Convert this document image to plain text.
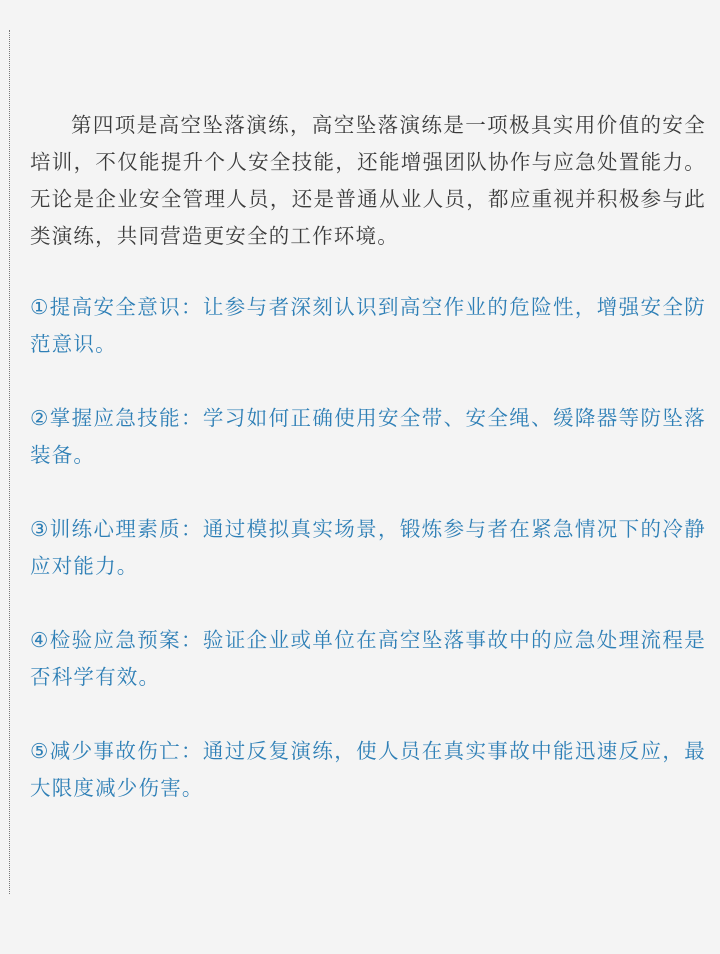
第四项是高空坠落演练，高空坠落演练是一项极具实用价值的安全培训，不仅能提升个人安全技能，还能增强团队协作与应急处置能力。无论是企业安全管理人员，还是普通从业人员，都应重视并积极参与此类演练，共同营造更安全的工作环境。

①提高安全意识：让参与者深刻认识到高空作业的危险性，增强安全防范意识。

②掌握应急技能：学习如何正确使用安全带、安全绳、缓降器等防坠落装备。

③训练心理素质：通过模拟真实场景，锻炼参与者在紧急情况下的冷静应对能力。

④检验应急预案：验证企业或单位在高空坠落事故中的应急处理流程是否科学有效。

⑤减少事故伤亡：通过反复演练，使人员在真实事故中能迅速反应，最大限度减少伤害。
